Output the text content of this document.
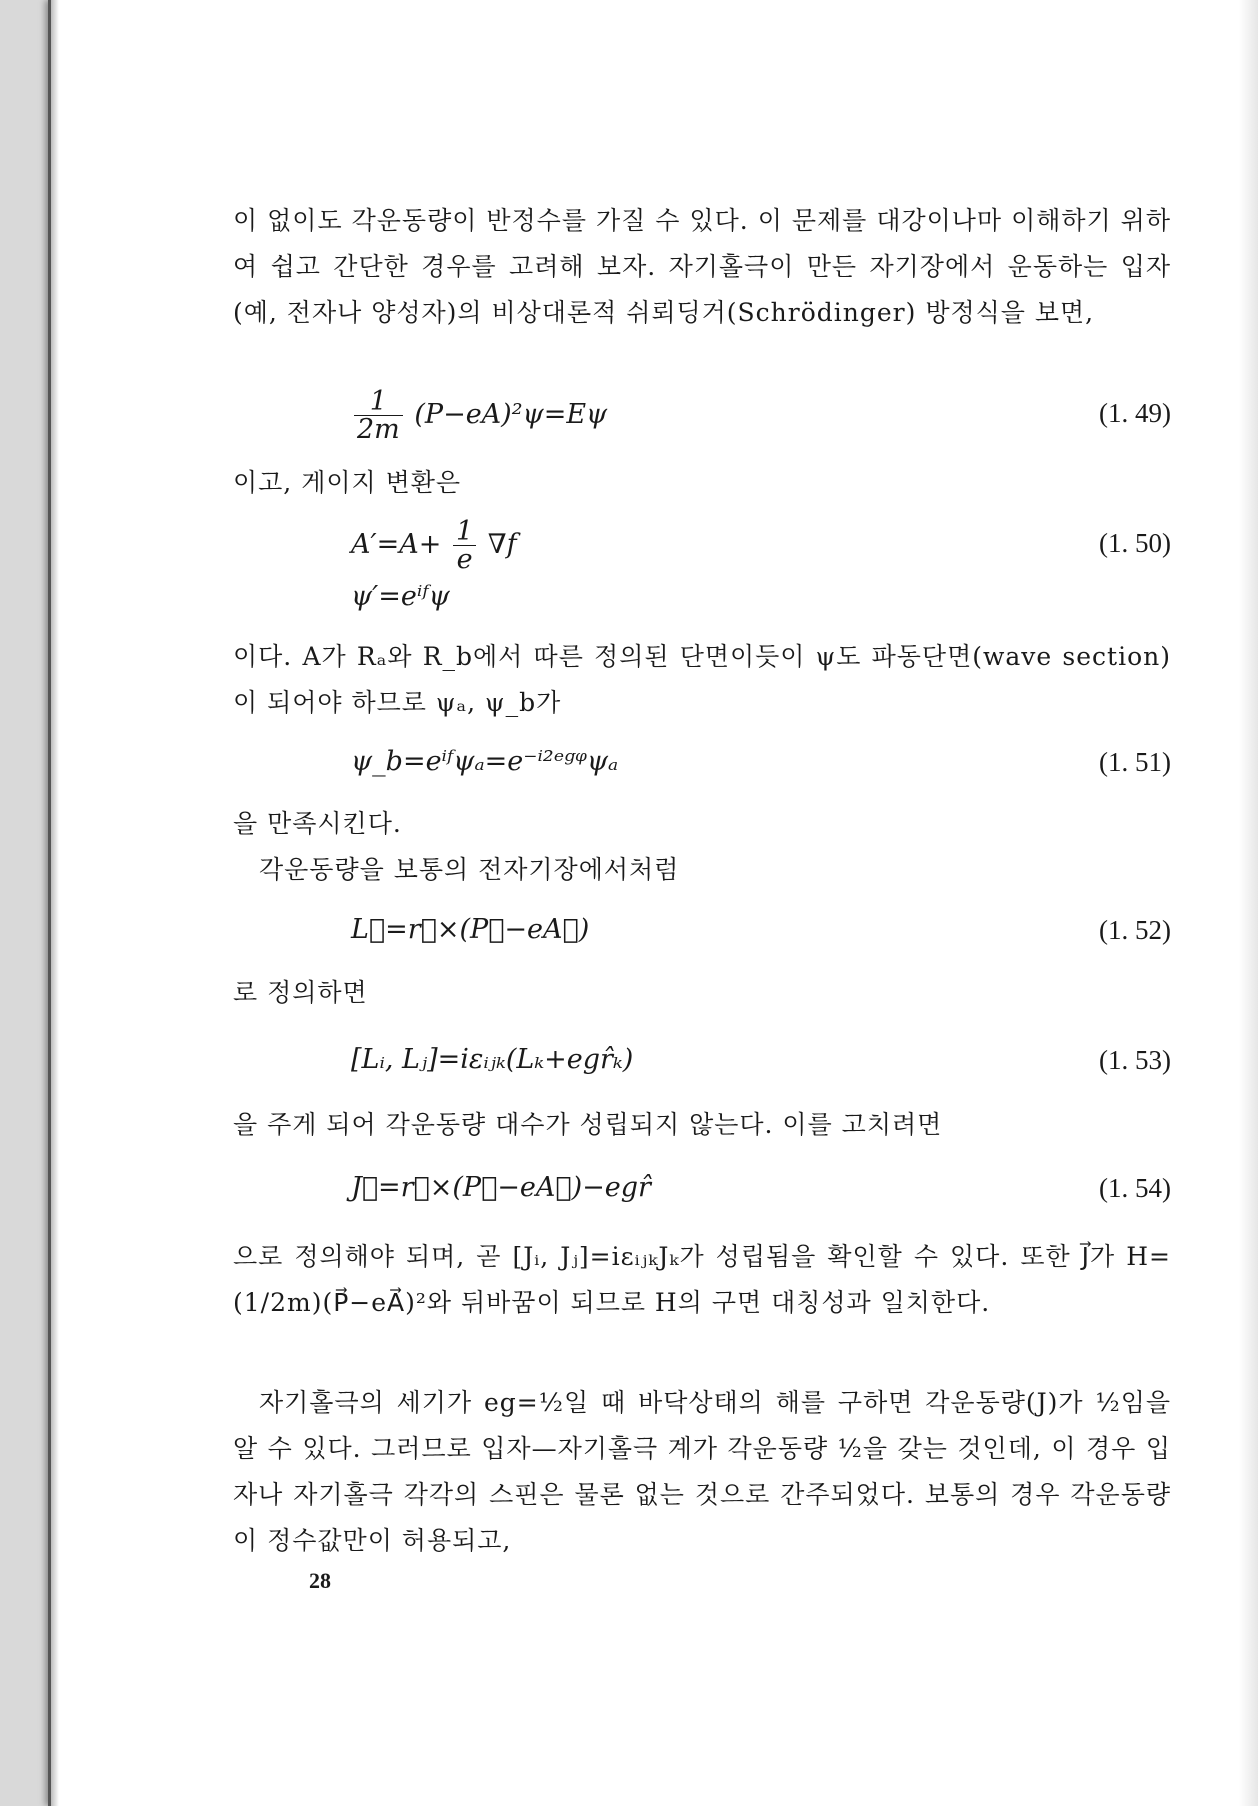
이 없이도 각운동량이 반정수를 가질 수 있다. 이 문제를 대강이나마 이해하기 위하여 쉽고 간단한 경우를 고려해 보자. 자기홀극이 만든 자기장에서 운동하는 입자(예, 전자나 양성자)의 비상대론적 쉬뢰딩거(Schrödinger) 방정식을 보면,

$\frac{1}{2m} (P-eA)^2\psi=E\psi$	(1. 49)

이고, 게이지 변환은

$A'=A+ \frac{1}{e} \nabla f$	(1. 50)
ψ′=eⁱᶠψ

이다. A가 Rₐ와 R_b에서 따른 정의된 단면이듯이 ψ도 파동단면(wave section)이 되어야 하므로 ψₐ, ψ_b가

ψ_b=eⁱᶠψₐ=e⁻ⁱ²ᵉᵍᵠψₐ	(1. 51)

을 만족시킨다.

각운동량을 보통의 전자기장에서처럼

L⃗=r⃗×(P⃗−eA⃗)	(1. 52)

로 정의하면

[Lᵢ, Lⱼ]=iεᵢⱼₖ(Lₖ+egr̂ₖ)	(1. 53)

을 주게 되어 각운동량 대수가 성립되지 않는다. 이를 고치려면

J⃗=r⃗×(P⃗−eA⃗)−egr̂	(1. 54)

으로 정의해야 되며, 곧 [Jᵢ, Jⱼ]=iεᵢⱼₖJₖ가 성립됨을 확인할 수 있다. 또한 J⃗가 H=(1/2m)(P⃗−eA⃗)²와 뒤바꿈이 되므로 H의 구면 대칭성과 일치한다.

자기홀극의 세기가 eg=½일 때 바닥상태의 해를 구하면 각운동량(J)가 ½임을 알 수 있다. 그러므로 입자—자기홀극 계가 각운동량 ½을 갖는 것인데, 이 경우 입자나 자기홀극 각각의 스핀은 물론 없는 것으로 간주되었다. 보통의 경우 각운동량이 정수값만이 허용되고,

28
